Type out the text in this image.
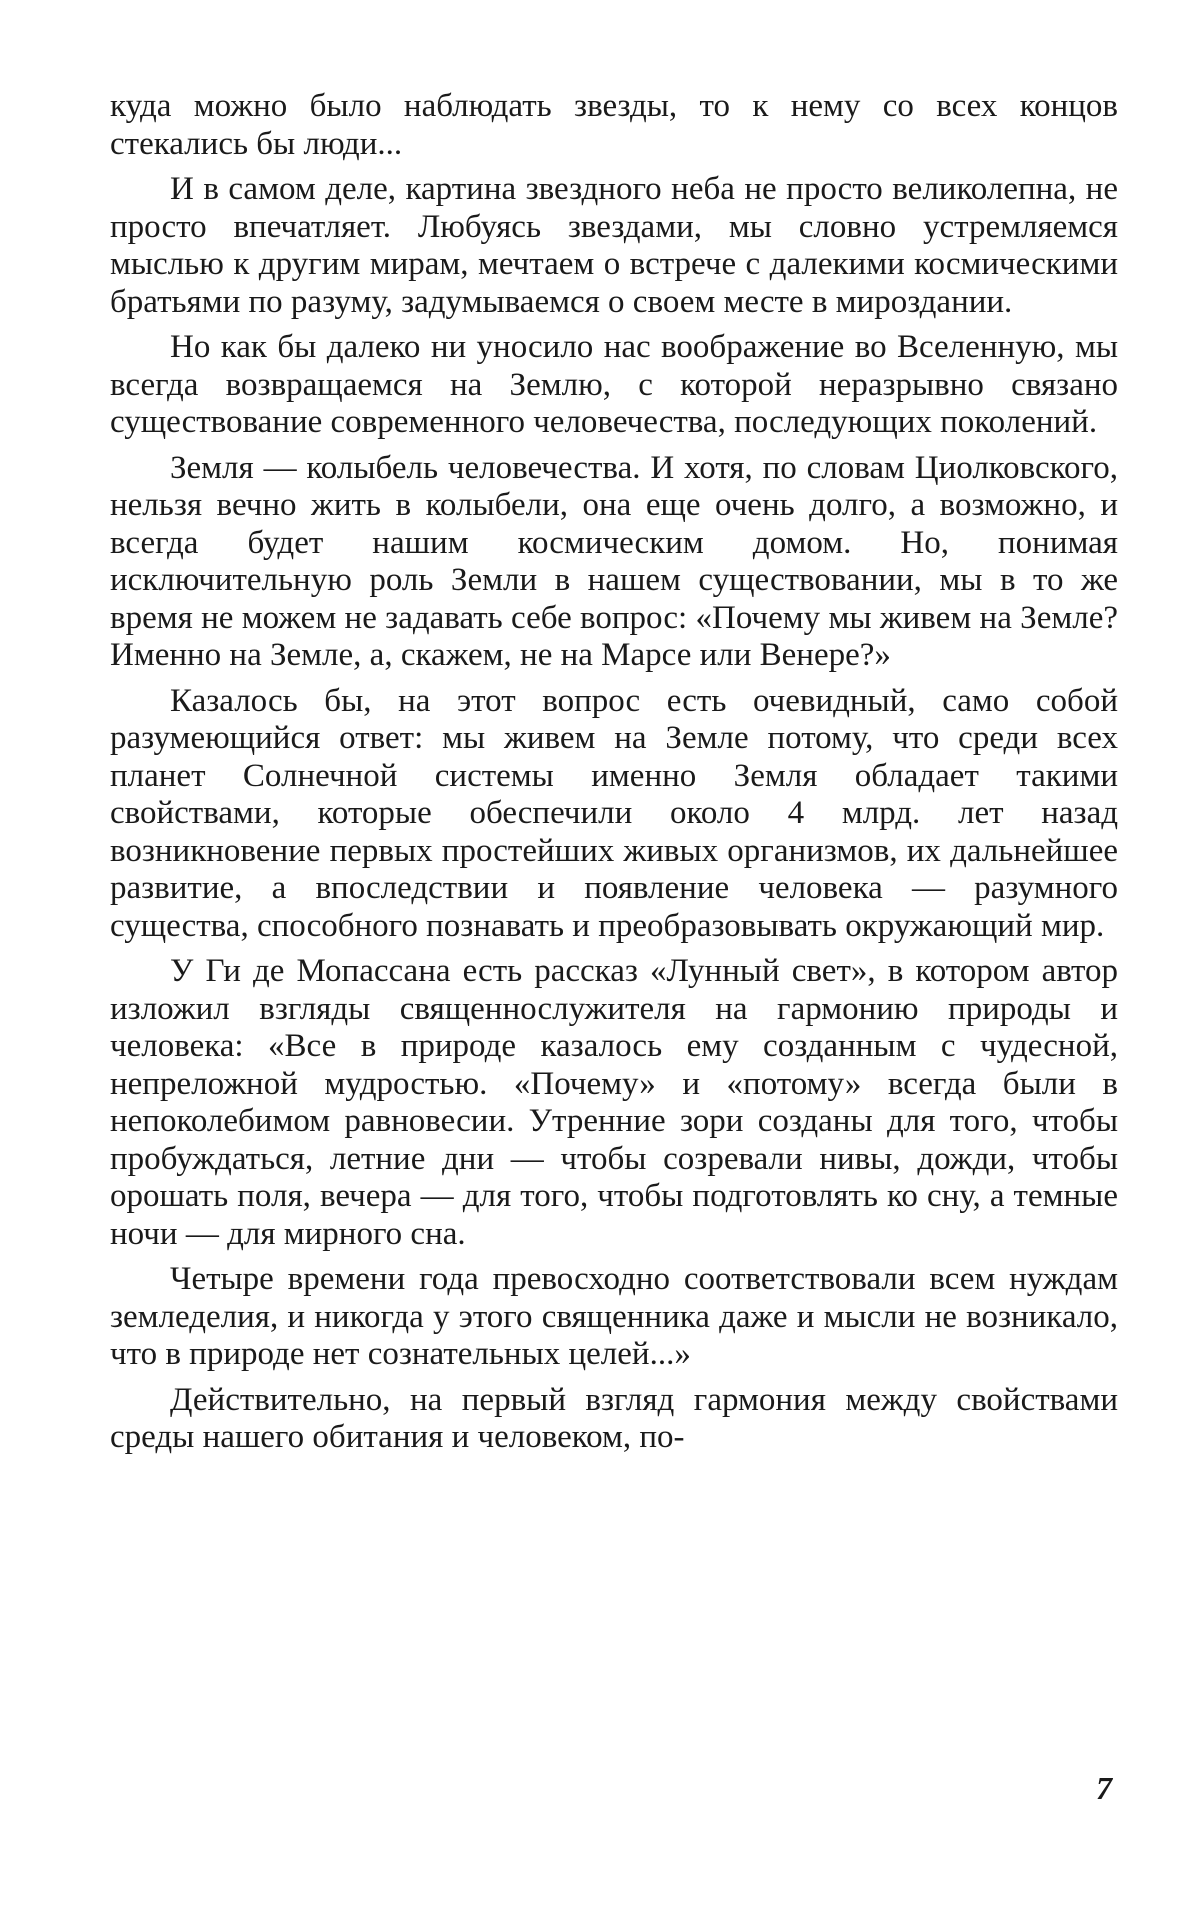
куда можно было наблюдать звезды, то к нему со всех концов стекались бы люди...

И в самом деле, картина звездного неба не просто великолепна, не просто впечатляет. Любуясь звездами, мы словно устремляемся мыслью к другим мирам, мечтаем о встрече с далекими космическими братьями по разуму, задумываемся о своем месте в мироздании.

Но как бы далеко ни уносило нас воображение во Вселенную, мы всегда возвращаемся на Землю, с которой неразрывно связано существование современного человечества, последующих поколений.

Земля — колыбель человечества. И хотя, по словам Циолковского, нельзя вечно жить в колыбели, она еще очень долго, а возможно, и всегда будет нашим космическим домом. Но, понимая исключительную роль Земли в нашем существовании, мы в то же время не можем не задавать себе вопрос: «Почему мы живем на Земле? Именно на Земле, а, скажем, не на Марсе или Венере?»

Казалось бы, на этот вопрос есть очевидный, само собой разумеющийся ответ: мы живем на Земле потому, что среди всех планет Солнечной системы именно Земля обладает такими свойствами, которые обеспечили около 4 млрд. лет назад возникновение первых простейших живых организмов, их дальнейшее развитие, а впоследствии и появление человека — разумного существа, способного познавать и преобразовывать окружающий мир.

У Ги де Мопассана есть рассказ «Лунный свет», в котором автор изложил взгляды священнослужителя на гармонию природы и человека: «Все в природе казалось ему созданным с чудесной, непреложной мудростью. «Почему» и «потому» всегда были в непоколебимом равновесии. Утренние зори созданы для того, чтобы пробуждаться, летние дни — чтобы созревали нивы, дожди, чтобы орошать поля, вечера — для того, чтобы подготовлять ко сну, а темные ночи — для мирного сна.

Четыре времени года превосходно соответствовали всем нуждам земледелия, и никогда у этого священника даже и мысли не возникало, что в природе нет сознательных целей...»

Действительно, на первый взгляд гармония между свойствами среды нашего обитания и человеком, по-

7
